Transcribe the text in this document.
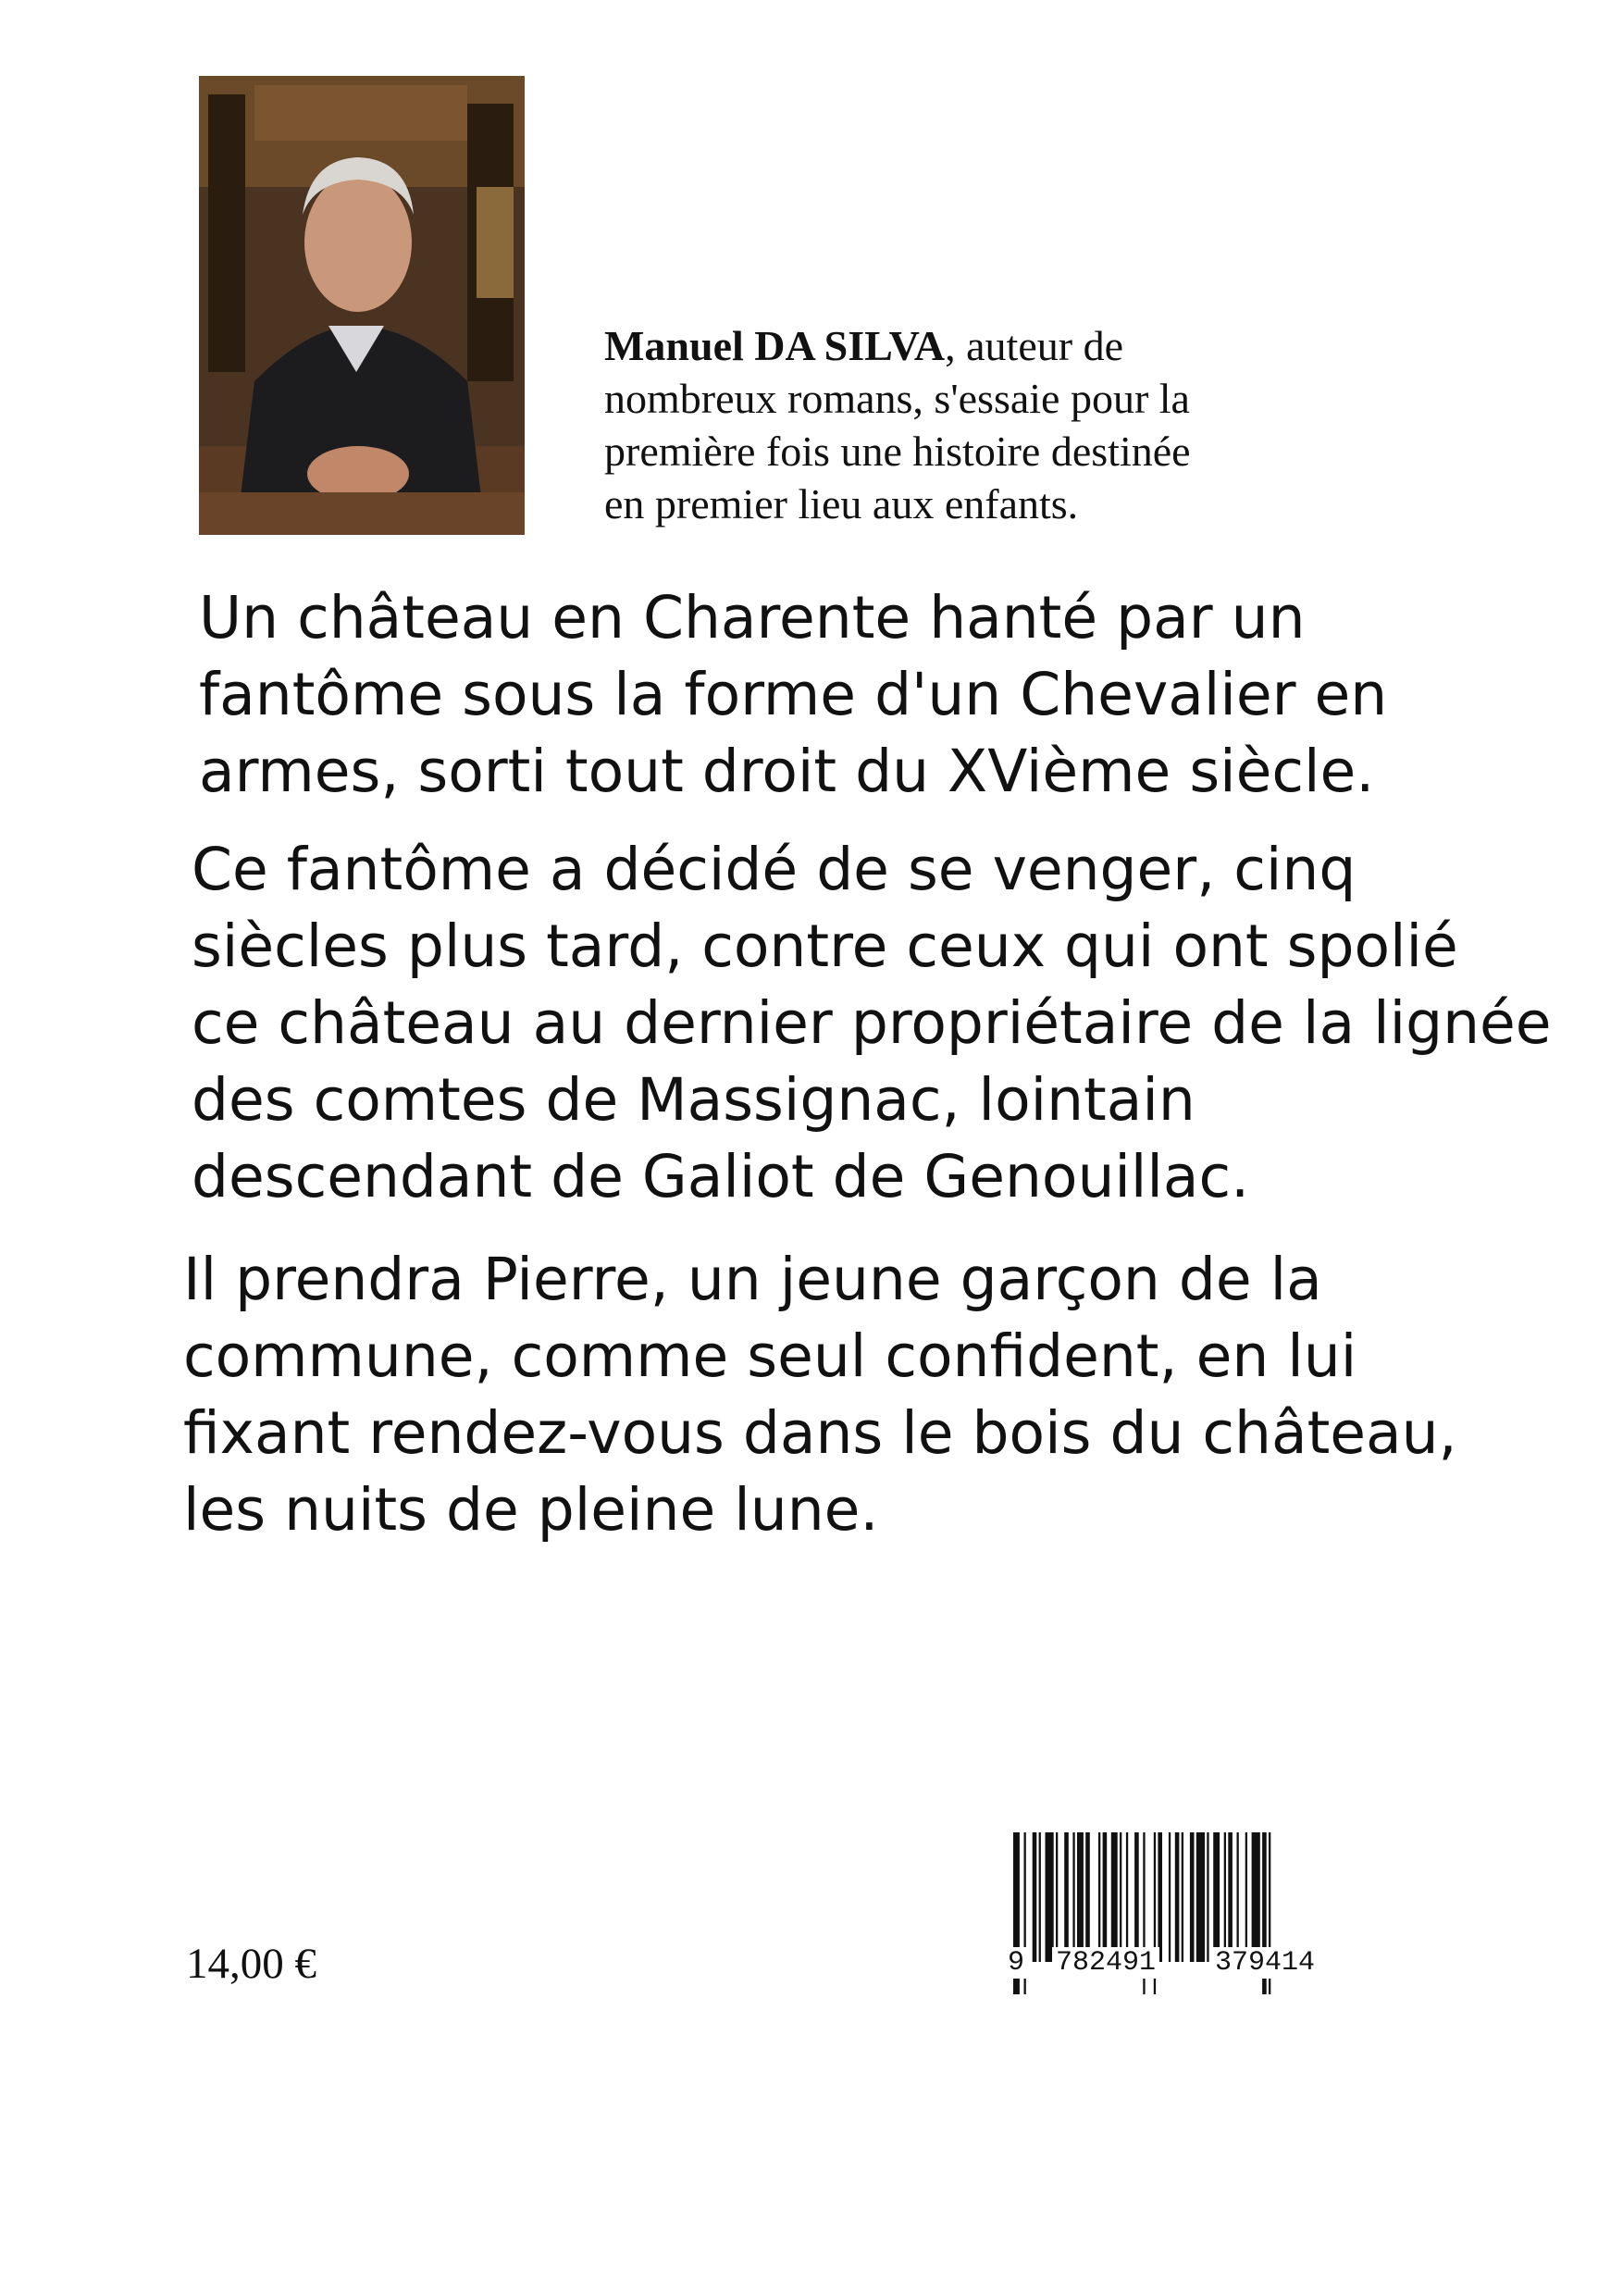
Manuel DA SILVA, auteur de
nombreux romans, s'essaie pour la
première fois une histoire destinée
en premier lieu aux enfants.
Un château en Charente hanté par un
fantôme sous la forme d'un Chevalier en
armes, sorti tout droit du XVième siècle.
Ce fantôme a décidé de se venger, cinq
siècles plus tard, contre ceux qui ont spolié
ce château au dernier propriétaire de la lignée
des comtes de Massignac, lointain
descendant de Galiot de Genouillac.
Il prendra Pierre, un jeune garçon de la
commune, comme seul confident, en lui
fixant rendez-vous dans le bois du château,
les nuits de pleine lune.
14,00 €	9 782491 379414
